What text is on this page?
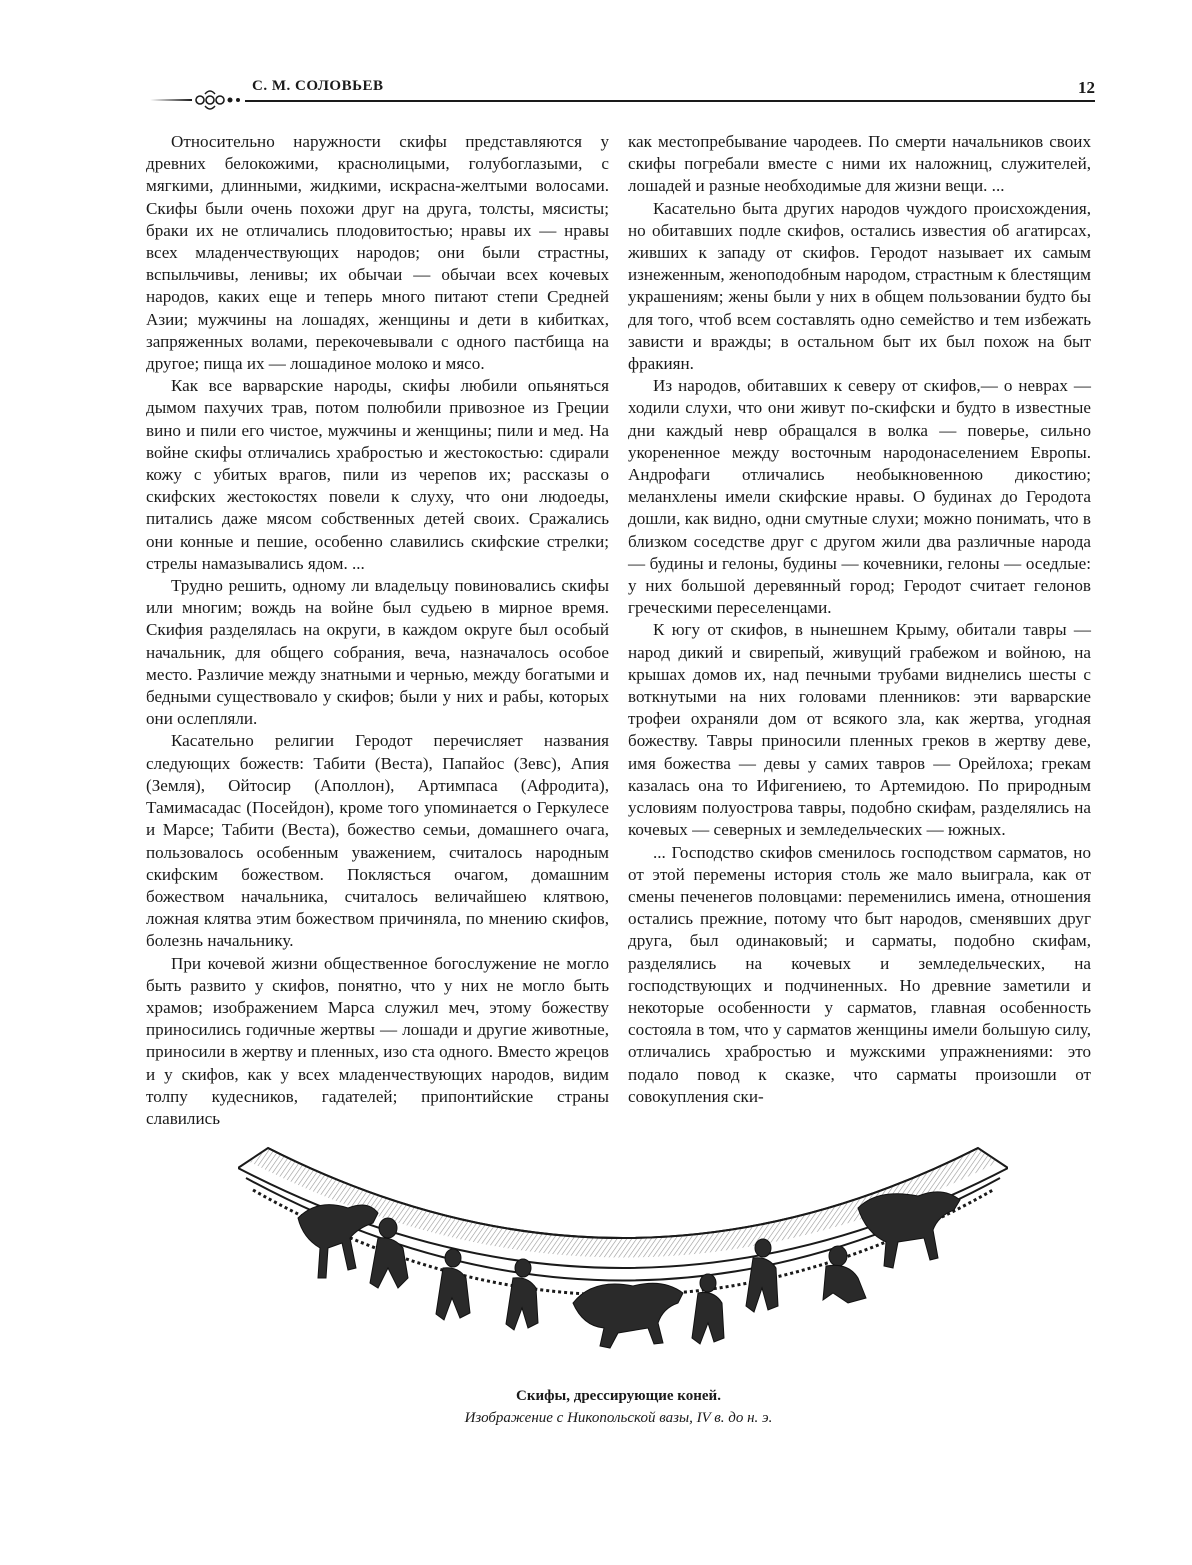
С. М. СОЛОВЬЕВ	12

Относительно наружности скифы представляются у древних белокожими, краснолицыми, голубоглазыми, с мягкими, длинными, жидкими, искрасна-желтыми волосами. Скифы были очень похожи друг на друга, толсты, мясисты; браки их не отличались плодовитостью; нравы их — нравы всех младенчествующих народов; они были страстны, вспыльчивы, ленивы; их обычаи — обычаи всех кочевых народов, каких еще и теперь много питают степи Средней Азии; мужчины на лошадях, женщины и дети в кибитках, запряженных волами, перекочевывали с одного пастбища на другое; пища их — лошадиное молоко и мясо.

Как все варварские народы, скифы любили опьяняться дымом пахучих трав, потом полюбили привозное из Греции вино и пили его чистое, мужчины и женщины; пили и мед. На войне скифы отличались храбростью и жестокостью: сдирали кожу с убитых врагов, пили из черепов их; рассказы о скифских жестокостях повели к слуху, что они людоеды, питались даже мясом собственных детей своих. Сражались они конные и пешие, особенно славились скифские стрелки; стрелы намазывались ядом. ...

Трудно решить, одному ли владельцу повиновались скифы или многим; вождь на войне был судьею в мирное время. Скифия разделялась на округи, в каждом округе был особый начальник, для общего собрания, веча, назначалось особое место. Различие между знатными и чернью, между богатыми и бедными существовало у скифов; были у них и рабы, которых они ослепляли.

Касательно религии Геродот перечисляет названия следующих божеств: Табити (Веста), Папайос (Зевс), Апия (Земля), Ойтосир (Аполлон), Артимпаса (Афродита), Тамимасадас (Посейдон), кроме того упоминается о Геркулесе и Марсе; Табити (Веста), божество семьи, домашнего очага, пользовалось особенным уважением, считалось народным скифским божеством. Поклясться очагом, домашним божеством начальника, считалось величайшею клятвою, ложная клятва этим божеством причиняла, по мнению скифов, болезнь начальнику.

При кочевой жизни общественное богослужение не могло быть развито у скифов, понятно, что у них не могло быть храмов; изображением Марса служил меч, этому божеству приносились годичные жертвы — лошади и другие животные, приносили в жертву и пленных, изо ста одного. Вместо жрецов и у скифов, как у всех младенчествующих народов, видим толпу кудесников, гадателей; припонтийские страны славились

как местопребывание чародеев. По смерти начальников своих скифы погребали вместе с ними их наложниц, служителей, лошадей и разные необходимые для жизни вещи. ...

Касательно быта других народов чуждого происхождения, но обитавших подле скифов, остались известия об агатирсах, живших к западу от скифов. Геродот называет их самым изнеженным, женоподобным народом, страстным к блестящим украшениям; жены были у них в общем пользовании будто бы для того, чтоб всем составлять одно семейство и тем избежать зависти и вражды; в остальном быт их был похож на быт фракиян.

Из народов, обитавших к северу от скифов,— о неврах — ходили слухи, что они живут по-скифски и будто в известные дни каждый невр обращался в волка — поверье, сильно укорененное между восточным народонаселением Европы. Андрофаги отличались необыкновенною дикостию; меланхлены имели скифские нравы. О будинах до Геродота дошли, как видно, одни смутные слухи; можно понимать, что в близком соседстве друг с другом жили два различные народа — будины и гелоны, будины — кочевники, гелоны — оседлые: у них большой деревянный город; Геродот считает гелонов греческими переселенцами.

К югу от скифов, в нынешнем Крыму, обитали тавры — народ дикий и свирепый, живущий грабежом и войною, на крышах домов их, над печными трубами виднелись шесты с воткнутыми на них головами пленников: эти варварские трофеи охраняли дом от всякого зла, как жертва, угодная божеству. Тавры приносили пленных греков в жертву деве, имя божества — девы у самих тавров — Орейлоха; грекам казалась она то Ифигениею, то Артемидою. По природным условиям полуострова тавры, подобно скифам, разделялись на кочевых — северных и земледельческих — южных.

... Господство скифов сменилось господством сарматов, но от этой перемены история столь же мало выиграла, как от смены печенегов половцами: переменились имена, отношения остались прежние, потому что быт народов, сменявших друг друга, был одинаковый; и сарматы, подобно скифам, разделялись на кочевых и земледельческих, на господствующих и подчиненных. Но древние заметили и некоторые особенности у сарматов, главная особенность состояла в том, что у сарматов женщины имели большую силу, отличались храбростью и мужскими упражнениями: это подало повод к сказке, что сарматы произошли от совокупления ски-

Скифы, дрессирующие коней.
Изображение с Никопольской вазы, IV в. до н. э.
